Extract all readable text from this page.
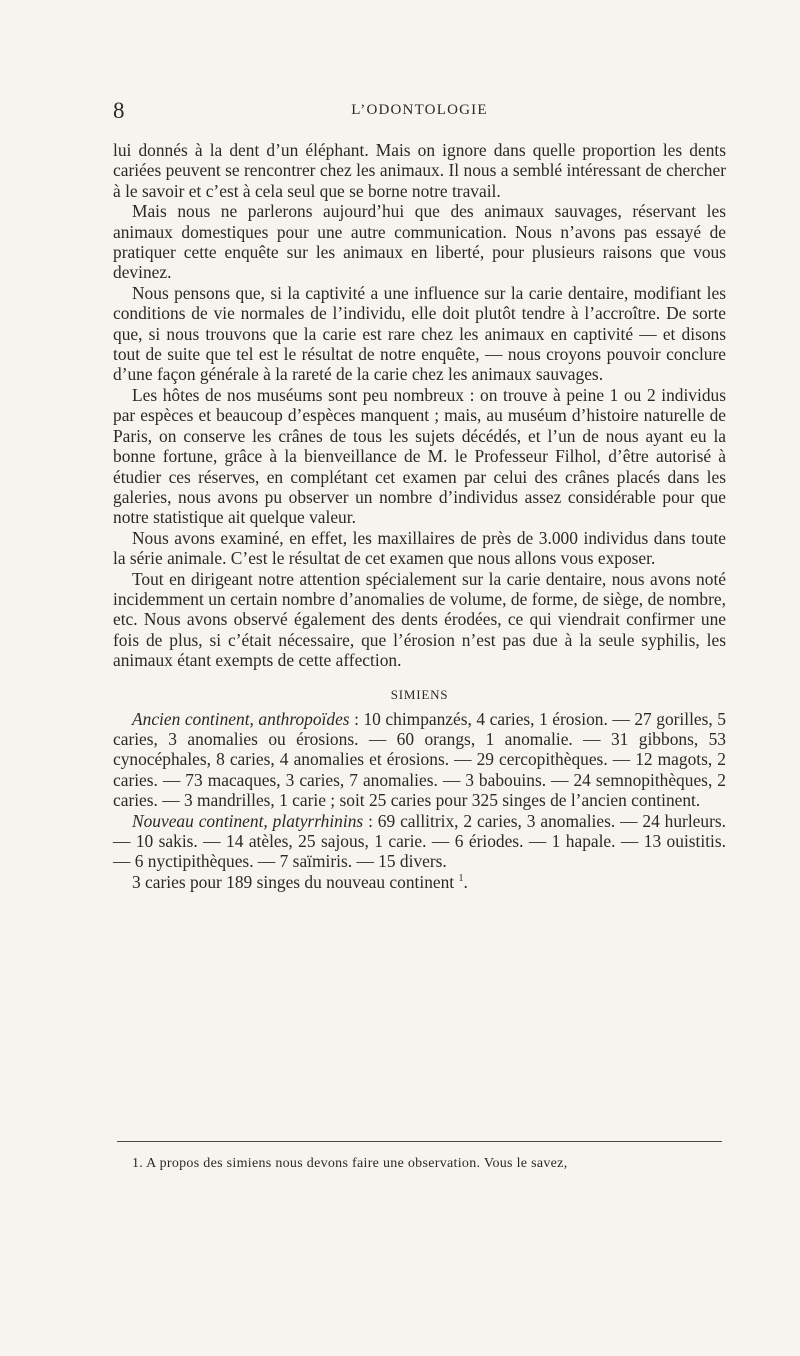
8	L’ODONTOLOGIE

lui donnés à la dent d’un éléphant. Mais on ignore dans quelle proportion les dents cariées peuvent se rencontrer chez les animaux. Il nous a semblé intéressant de chercher à le savoir et c’est à cela seul que se borne notre travail.

Mais nous ne parlerons aujourd’hui que des animaux sauvages, réservant les animaux domestiques pour une autre communication. Nous n’avons pas essayé de pratiquer cette enquête sur les animaux en liberté, pour plusieurs raisons que vous devinez.

Nous pensons que, si la captivité a une influence sur la carie dentaire, modifiant les conditions de vie normales de l’individu, elle doit plutôt tendre à l’accroître. De sorte que, si nous trouvons que la carie est rare chez les animaux en captivité — et disons tout de suite que tel est le résultat de notre enquête, — nous croyons pouvoir conclure d’une façon générale à la rareté de la carie chez les animaux sauvages.

Les hôtes de nos muséums sont peu nombreux : on trouve à peine 1 ou 2 individus par espèces et beaucoup d’espèces manquent ; mais, au muséum d’histoire naturelle de Paris, on conserve les crânes de tous les sujets décédés, et l’un de nous ayant eu la bonne fortune, grâce à la bienveillance de M. le Professeur Filhol, d’être autorisé à étudier ces réserves, en complétant cet examen par celui des crânes placés dans les galeries, nous avons pu observer un nombre d’individus assez considérable pour que notre statistique ait quelque valeur.

Nous avons examiné, en effet, les maxillaires de près de 3.000 individus dans toute la série animale. C’est le résultat de cet examen que nous allons vous exposer.

Tout en dirigeant notre attention spécialement sur la carie dentaire, nous avons noté incidemment un certain nombre d’anomalies de volume, de forme, de siège, de nombre, etc. Nous avons observé également des dents érodées, ce qui viendrait confirmer une fois de plus, si c’était nécessaire, que l’érosion n’est pas due à la seule syphilis, les animaux étant exempts de cette affection.

SIMIENS

Ancien continent, anthropoïdes : 10 chimpanzés, 4 caries, 1 érosion. — 27 gorilles, 5 caries, 3 anomalies ou érosions. — 60 orangs, 1 anomalie. — 31 gibbons, 53 cynocéphales, 8 caries, 4 anomalies et érosions. — 29 cercopithèques. — 12 magots, 2 caries. — 73 macaques, 3 caries, 7 anomalies. — 3 babouins. — 24 semnopithèques, 2 caries. — 3 mandrilles, 1 carie ; soit 25 caries pour 325 singes de l’ancien continent.

Nouveau continent, platyrrhinins : 69 callitrix, 2 caries, 3 anomalies. — 24 hurleurs. — 10 sakis. — 14 atèles, 25 sajous, 1 carie. — 6 ériodes. — 1 hapale. — 13 ouistitis. — 6 nyctipithèques. — 7 saïmiris. — 15 divers.

3 caries pour 189 singes du nouveau continent $^1$.

1. A propos des simiens nous devons faire une observation. Vous le savez,
